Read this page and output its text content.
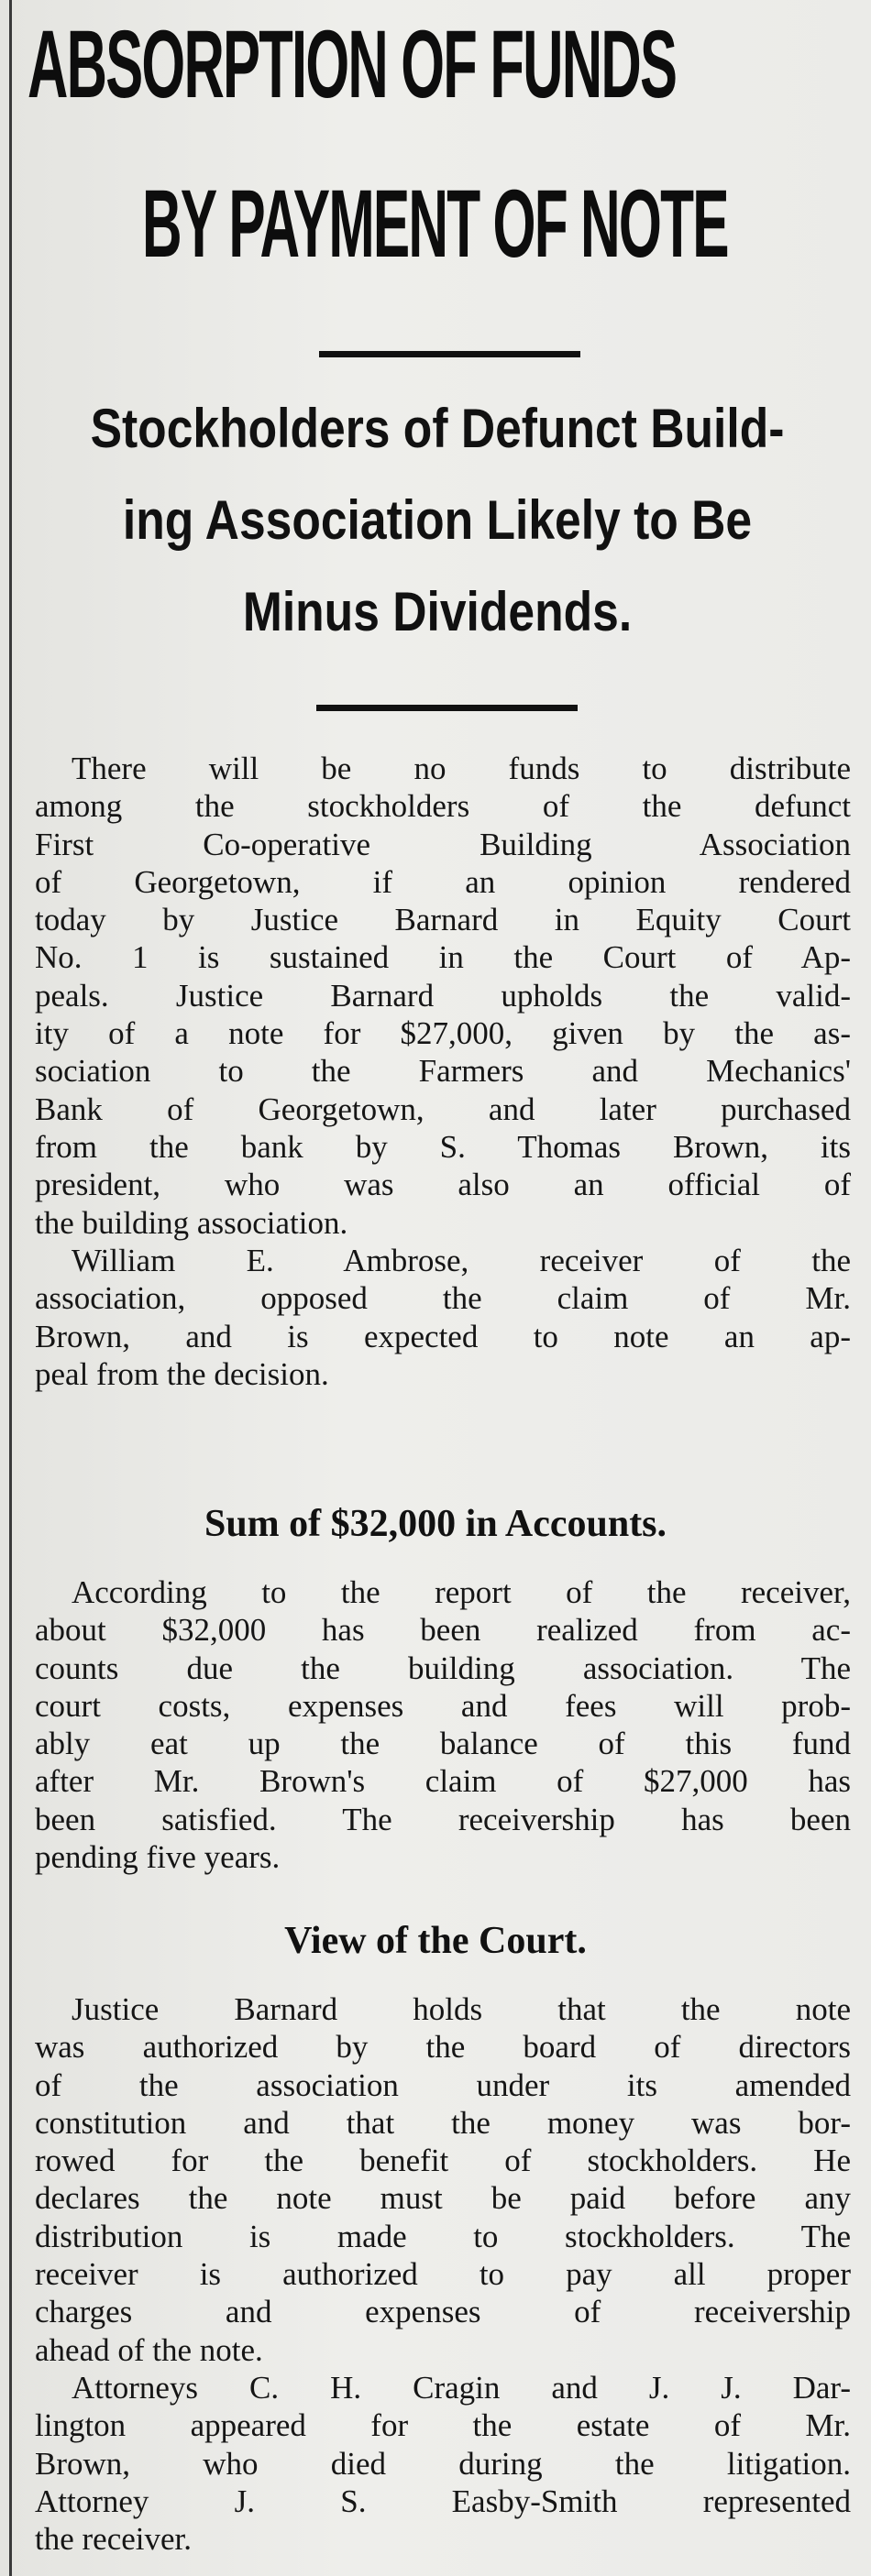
ABSORPTION OF FUNDS
BY PAYMENT OF NOTE
Stockholders of Defunct Build-
ing Association Likely to Be
Minus Dividends.
There will be no funds to distribute
among the stockholders of the defunct
First Co-operative Building Association
of Georgetown, if an opinion rendered
today by Justice Barnard in Equity Court
No. 1 is sustained in the Court of Ap-
peals. Justice Barnard upholds the valid-
ity of a note for $27,000, given by the as-
sociation to the Farmers and Mechanics'
Bank of Georgetown, and later purchased
from the bank by S. Thomas Brown, its
president, who was also an official of
the building association.
William E. Ambrose, receiver of the
association, opposed the claim of Mr.
Brown, and is expected to note an ap-
peal from the decision.
Sum of $32,000 in Accounts.
According to the report of the receiver,
about $32,000 has been realized from ac-
counts due the building association. The
court costs, expenses and fees will prob-
ably eat up the balance of this fund
after Mr. Brown's claim of $27,000 has
been satisfied. The receivership has been
pending five years.
View of the Court.
Justice Barnard holds that the note
was authorized by the board of directors
of the association under its amended
constitution and that the money was bor-
rowed for the benefit of stockholders. He
declares the note must be paid before any
distribution is made to stockholders. The
receiver is authorized to pay all proper
charges and expenses of receivership
ahead of the note.
Attorneys C. H. Cragin and J. J. Dar-
lington appeared for the estate of Mr.
Brown, who died during the litigation.
Attorney J. S. Easby-Smith represented
the receiver.
